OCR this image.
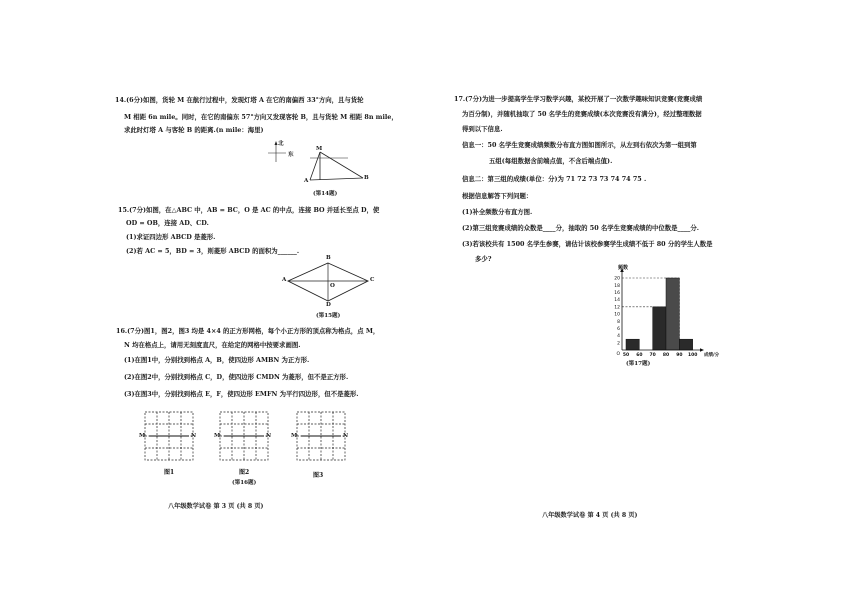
14.(6分)如图，货轮 M 在航行过程中，发现灯塔 A 在它的南偏西 33°方向，且与货轮
M 相距 6n mile。同时，在它的南偏东 57°方向又发现客轮 B，且与货轮 M 相距 8n mile，
求此时灯塔 A 与客轮 B 的距离.(n mile：海里)
北
东
M
A	B
(第14题)
15.(7分)如图，在△ABC 中，AB = BC，O 是 AC 的中点，连接 BO 并延长至点 D，使
OD = OB，连接 AD、CD.
(1)求证四边形 ABCD 是菱形.
(2)若 AC = 5，BD = 3，则菱形 ABCD 的面积为______.
B
A	C
O
D
(第15题)
16.(7分)图1，图2，图3 均是 4×4 的正方形网格，每个小正方形的顶点称为格点，点 M，
N 均在格点上，请用无刻度直尺，在给定的网格中按要求画图.
(1)在图1中，分别找到格点 A，B，使四边形 AMBN 为正方形.
(2)在图2中，分别找到格点 C，D，使四边形 CMDN 为菱形，但不是正方形.
(3)在图3中，分别找到格点 E，F，使四边形 EMFN 为平行四边形，但不是菱形.
M	N
图1
M	N
图2
M	N
图3
(第16题)
八年级数学试卷 第 3 页 (共 8 页)
17.(7分)为进一步提高学生学习数学兴趣，某校开展了一次数学趣味知识竞赛(竞赛成绩
为百分制)，并随机抽取了 50 名学生的竞赛成绩(本次竞赛没有满分)，经过整理数据
得到以下信息.
信息一：50 名学生竞赛成绩频数分布直方图如图所示，从左到右依次为第一组到第
五组(每组数据含前端点值，不含后端点值).
信息二：第三组的成绩(单位：分)为 71 72 73 73 74 74 75 .
根据信息解答下列问题：
(1)补全频数分布直方图.
(2)第三组竞赛成绩的众数是____分，抽取的 50 名学生竞赛成绩的中位数是____分.
(3)若该校共有 1500 名学生参赛，请估计该校参赛学生成绩不低于 80 分的学生人数是
多少?
2
4
6
8
10
12
14
16
18
20
50 60 70 80 90 100
O
频数
成绩/分
(第17题)
八年级数学试卷 第 4 页 (共 8 页)
